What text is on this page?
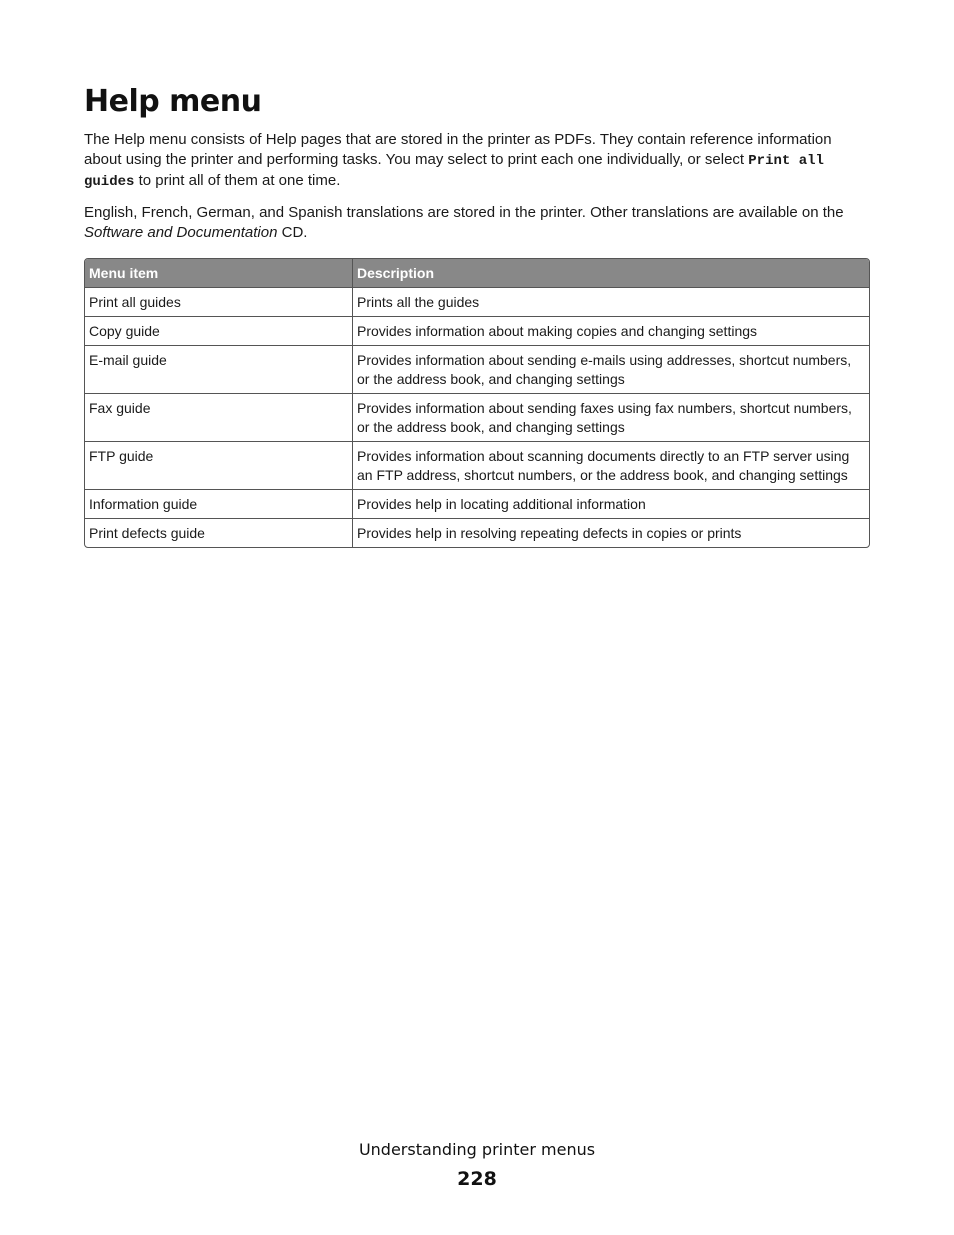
Help menu

The Help menu consists of Help pages that are stored in the printer as PDFs. They contain reference information about using the printer and performing tasks. You may select to print each one individually, or select Print all guides to print all of them at one time.

English, French, German, and Spanish translations are stored in the printer. Other translations are available on the Software and Documentation CD.

Menu item	Description
Print all guides	Prints all the guides
Copy guide	Provides information about making copies and changing settings
E-mail guide	Provides information about sending e-mails using addresses, shortcut numbers, or the address book, and changing settings
Fax guide	Provides information about sending faxes using fax numbers, shortcut numbers, or the address book, and changing settings
FTP guide	Provides information about scanning documents directly to an FTP server using an FTP address, shortcut numbers, or the address book, and changing settings
Information guide	Provides help in locating additional information
Print defects guide	Provides help in resolving repeating defects in copies or prints
Understanding printer menus
228
